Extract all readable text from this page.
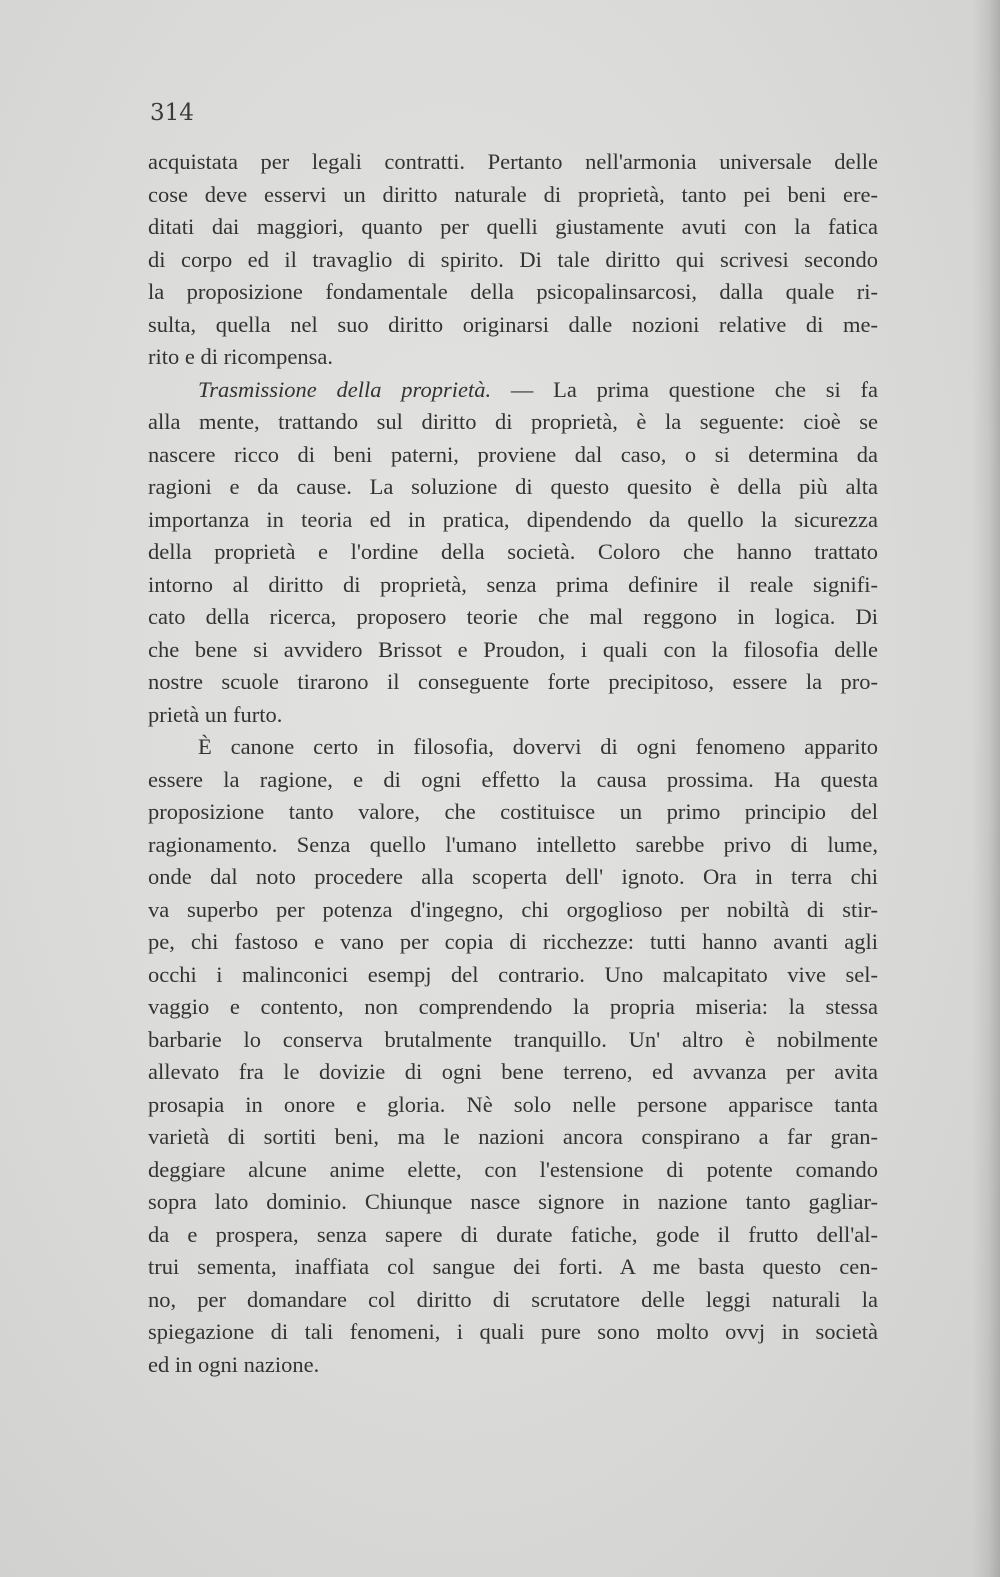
314
acquistata per legali contratti. Pertanto nell'armonia universale delle
cose deve esservi un diritto naturale di proprietà, tanto pei beni ere-
ditati dai maggiori, quanto per quelli giustamente avuti con la fatica
di corpo ed il travaglio di spirito. Di tale diritto qui scrivesi secondo
la proposizione fondamentale della psicopalinsarcosi, dalla quale ri-
sulta, quella nel suo diritto originarsi dalle nozioni relative di me-
rito e di ricompensa.
Trasmissione della proprietà. — La prima questione che si fa
alla mente, trattando sul diritto di proprietà, è la seguente: cioè se
nascere ricco di beni paterni, proviene dal caso, o si determina da
ragioni e da cause. La soluzione di questo quesito è della più alta
importanza in teoria ed in pratica, dipendendo da quello la sicurezza
della proprietà e l'ordine della società. Coloro che hanno trattato
intorno al diritto di proprietà, senza prima definire il reale signifi-
cato della ricerca, proposero teorie che mal reggono in logica. Di
che bene si avvidero Brissot e Proudon, i quali con la filosofia delle
nostre scuole tirarono il conseguente forte precipitoso, essere la pro-
prietà un furto.
È canone certo in filosofia, dovervi di ogni fenomeno apparito
essere la ragione, e di ogni effetto la causa prossima. Ha questa
proposizione tanto valore, che costituisce un primo principio del
ragionamento. Senza quello l'umano intelletto sarebbe privo di lume,
onde dal noto procedere alla scoperta dell' ignoto. Ora in terra chi
va superbo per potenza d'ingegno, chi orgoglioso per nobiltà di stir-
pe, chi fastoso e vano per copia di ricchezze: tutti hanno avanti agli
occhi i malinconici esempj del contrario. Uno malcapitato vive sel-
vaggio e contento, non comprendendo la propria miseria: la stessa
barbarie lo conserva brutalmente tranquillo. Un' altro è nobilmente
allevato fra le dovizie di ogni bene terreno, ed avvanza per avita
prosapia in onore e gloria. Nè solo nelle persone apparisce tanta
varietà di sortiti beni, ma le nazioni ancora conspirano a far gran-
deggiare alcune anime elette, con l'estensione di potente comando
sopra lato dominio. Chiunque nasce signore in nazione tanto gagliar-
da e prospera, senza sapere di durate fatiche, gode il frutto dell'al-
trui sementa, inaffiata col sangue dei forti. A me basta questo cen-
no, per domandare col diritto di scrutatore delle leggi naturali la
spiegazione di tali fenomeni, i quali pure sono molto ovvj in società
ed in ogni nazione.
